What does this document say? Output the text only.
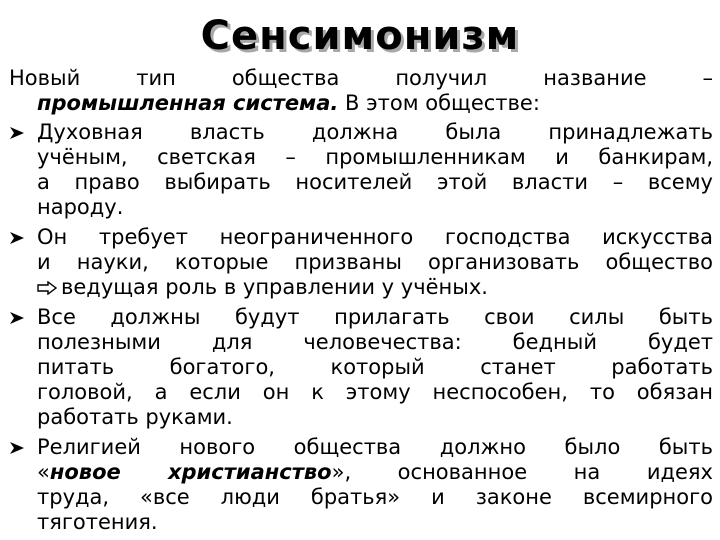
Сенсимонизм
Новый тип общества получил название –
промышленная система. В этом обществе:
Духовная власть должна была принадлежать
учёным, светская – промышленникам и банкирам,
а право выбирать носителей этой власти – всему
народу.
Он требует неограниченного господства искусства
и науки, которые призваны организовать общество
ведущая роль в управлении у учёных.
Все должны будут прилагать свои силы быть
полезными для человечества: бедный будет
питать богатого, который станет работать
головой, а если он к этому неспособен, то обязан
работать руками.
Религией нового общества должно было быть
«новое христианство», основанное на идеях
труда, «все люди братья» и законе всемирного
тяготения.
